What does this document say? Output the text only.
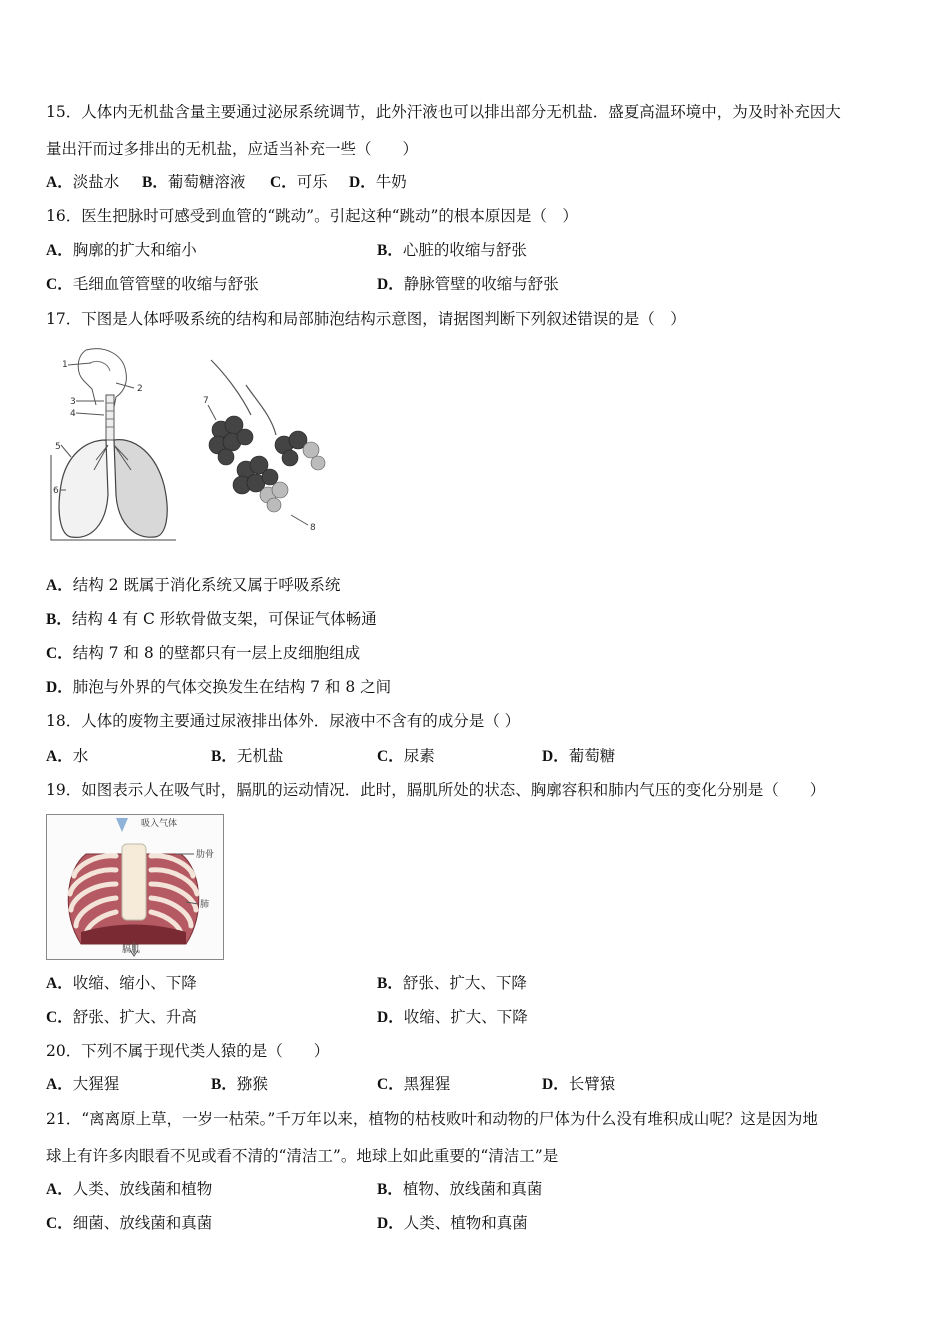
15．人体内无机盐含量主要通过泌尿系统调节，此外汗液也可以排出部分无机盐．盛夏高温环境中，为及时补充因大
量出汗而过多排出的无机盐，应适当补充一些（　　）
A．淡盐水 B．葡萄糖溶液 C．可乐 D．牛奶
16．医生把脉时可感受到血管的“跳动”。引起这种“跳动”的根本原因是（　）
A．胸廓的扩大和缩小	B．心脏的收缩与舒张
C．毛细血管管壁的收缩与舒张	D．静脉管壁的收缩与舒张
17．下图是人体呼吸系统的结构和局部肺泡结构示意图，请据图判断下列叙述错误的是（　）
1
2
3
4
5
6
7
8
A．结构 2 既属于消化系统又属于呼吸系统
B．结构 4 有 C 形软骨做支架，可保证气体畅通
C．结构 7 和 8 的壁都只有一层上皮细胞组成
D．肺泡与外界的气体交换发生在结构 7 和 8 之间
18．人体的废物主要通过尿液排出体外．尿液中不含有的成分是（ ）
A．水	B．无机盐	C．尿素	D．葡萄糖
19．如图表示人在吸气时，膈肌的运动情况．此时，膈肌所处的状态、胸廓容积和肺内气压的变化分别是（　　）
吸入气体
肋骨
肺
膈肌
A．收缩、缩小、下降	B．舒张、扩大、下降
C．舒张、扩大、升高	D．收缩、扩大、下降
20．下列不属于现代类人猿的是（　　）
A．大猩猩	B．猕猴	C．黑猩猩	D．长臂猿
21．“离离原上草，一岁一枯荣。”千万年以来，植物的枯枝败叶和动物的尸体为什么没有堆积成山呢？这是因为地
球上有许多肉眼看不见或看不清的“清洁工”。地球上如此重要的“清洁工”是
A．人类、放线菌和植物	B．植物、放线菌和真菌
C．细菌、放线菌和真菌	D．人类、植物和真菌
